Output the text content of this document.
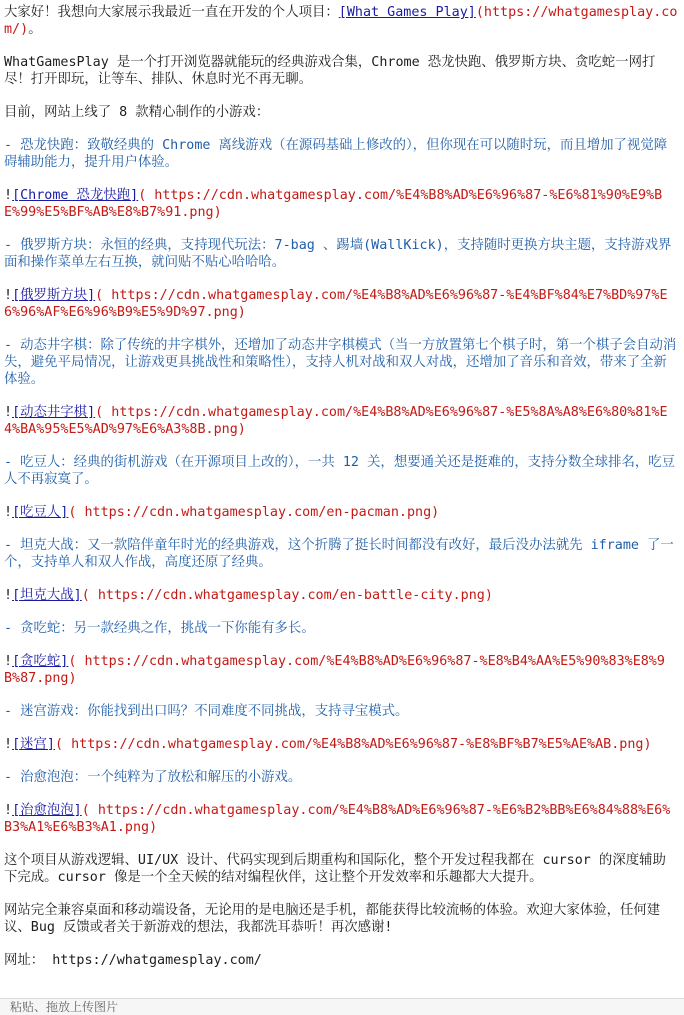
大家好！我想向大家展示我最近一直在开发的个人项目：[What Games Play](https://whatgamesplay.com/)。

WhatGamesPlay 是一个打开浏览器就能玩的经典游戏合集，Chrome 恐龙快跑、俄罗斯方块、贪吃蛇一网打尽！打开即玩，让等车、排队、休息时光不再无聊。

目前，网站上线了 8 款精心制作的小游戏：

- 恐龙快跑：致敬经典的 Chrome 离线游戏（在源码基础上修改的），但你现在可以随时玩，而且增加了视觉障碍辅助能力，提升用户体验。

![Chrome 恐龙快跑]( https://cdn.whatgamesplay.com/%E4%B8%AD%E6%96%87-%E6%81%90%E9%BE%99%E5%BF%AB%E8%B7%91.png)

- 俄罗斯方块：永恒的经典，支持现代玩法：7-bag 、踢墙(WallKick)，支持随时更换方块主题，支持游戏界面和操作菜单左右互换，就问贴不贴心哈哈哈。

![俄罗斯方块]( https://cdn.whatgamesplay.com/%E4%B8%AD%E6%96%87-%E4%BF%84%E7%BD%97%E6%96%AF%E6%96%B9%E5%9D%97.png)

- 动态井字棋：除了传统的井字棋外，还增加了动态井字棋模式（当一方放置第七个棋子时，第一个棋子会自动消失，避免平局情况，让游戏更具挑战性和策略性），支持人机对战和双人对战，还增加了音乐和音效，带来了全新体验。

![动态井字棋]( https://cdn.whatgamesplay.com/%E4%B8%AD%E6%96%87-%E5%8A%A8%E6%80%81%E4%BA%95%E5%AD%97%E6%A3%8B.png)

- 吃豆人：经典的街机游戏（在开源项目上改的），一共 12 关，想要通关还是挺难的，支持分数全球排名，吃豆人不再寂寞了。

![吃豆人]( https://cdn.whatgamesplay.com/en-pacman.png)

- 坦克大战：又一款陪伴童年时光的经典游戏，这个折腾了挺长时间都没有改好，最后没办法就先 iframe 了一个，支持单人和双人作战，高度还原了经典。

![坦克大战]( https://cdn.whatgamesplay.com/en-battle-city.png)

- 贪吃蛇：另一款经典之作，挑战一下你能有多长。

![贪吃蛇]( https://cdn.whatgamesplay.com/%E4%B8%AD%E6%96%87-%E8%B4%AA%E5%90%83%E8%9B%87.png)

- 迷宫游戏：你能找到出口吗？不同难度不同挑战，支持寻宝模式。

![迷宫]( https://cdn.whatgamesplay.com/%E4%B8%AD%E6%96%87-%E8%BF%B7%E5%AE%AB.png)

- 治愈泡泡：一个纯粹为了放松和解压的小游戏。

![治愈泡泡]( https://cdn.whatgamesplay.com/%E4%B8%AD%E6%96%87-%E6%B2%BB%E6%84%88%E6%B3%A1%E6%B3%A1.png)

这个项目从游戏逻辑、UI/UX 设计、代码实现到后期重构和国际化，整个开发过程我都在 cursor 的深度辅助下完成。cursor 像是一个全天候的结对编程伙伴，这让整个开发效率和乐趣都大大提升。

网站完全兼容桌面和移动端设备，无论用的是电脑还是手机，都能获得比较流畅的体验。欢迎大家体验，任何建议、Bug 反馈或者关于新游戏的想法，我都洗耳恭听！再次感谢!

网址： https://whatgamesplay.com/

粘贴、拖放上传图片
